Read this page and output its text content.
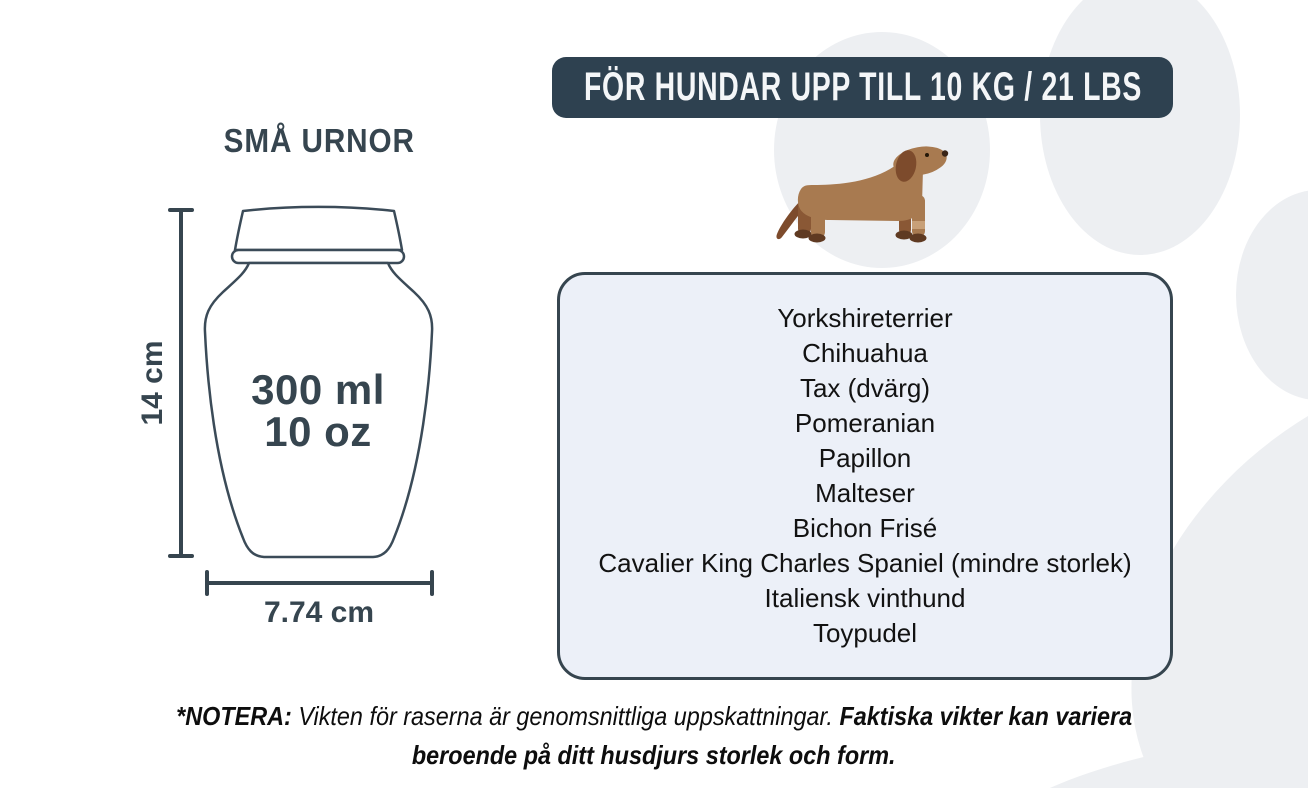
FÖR HUNDAR UPP TILL 10 KG / 21 LBS
SMÅ URNOR
300 ml
10 oz
14 cm
7.74 cm
Yorkshireterrier
Chihuahua
Tax (dvärg)
Pomeranian
Papillon
Malteser
Bichon Frisé
Cavalier King Charles Spaniel (mindre storlek)
Italiensk vinthund
Toypudel
*NOTERA: Vikten för raserna är genomsnittliga uppskattningar. Faktiska vikter kan variera
beroende på ditt husdjurs storlek och form.
